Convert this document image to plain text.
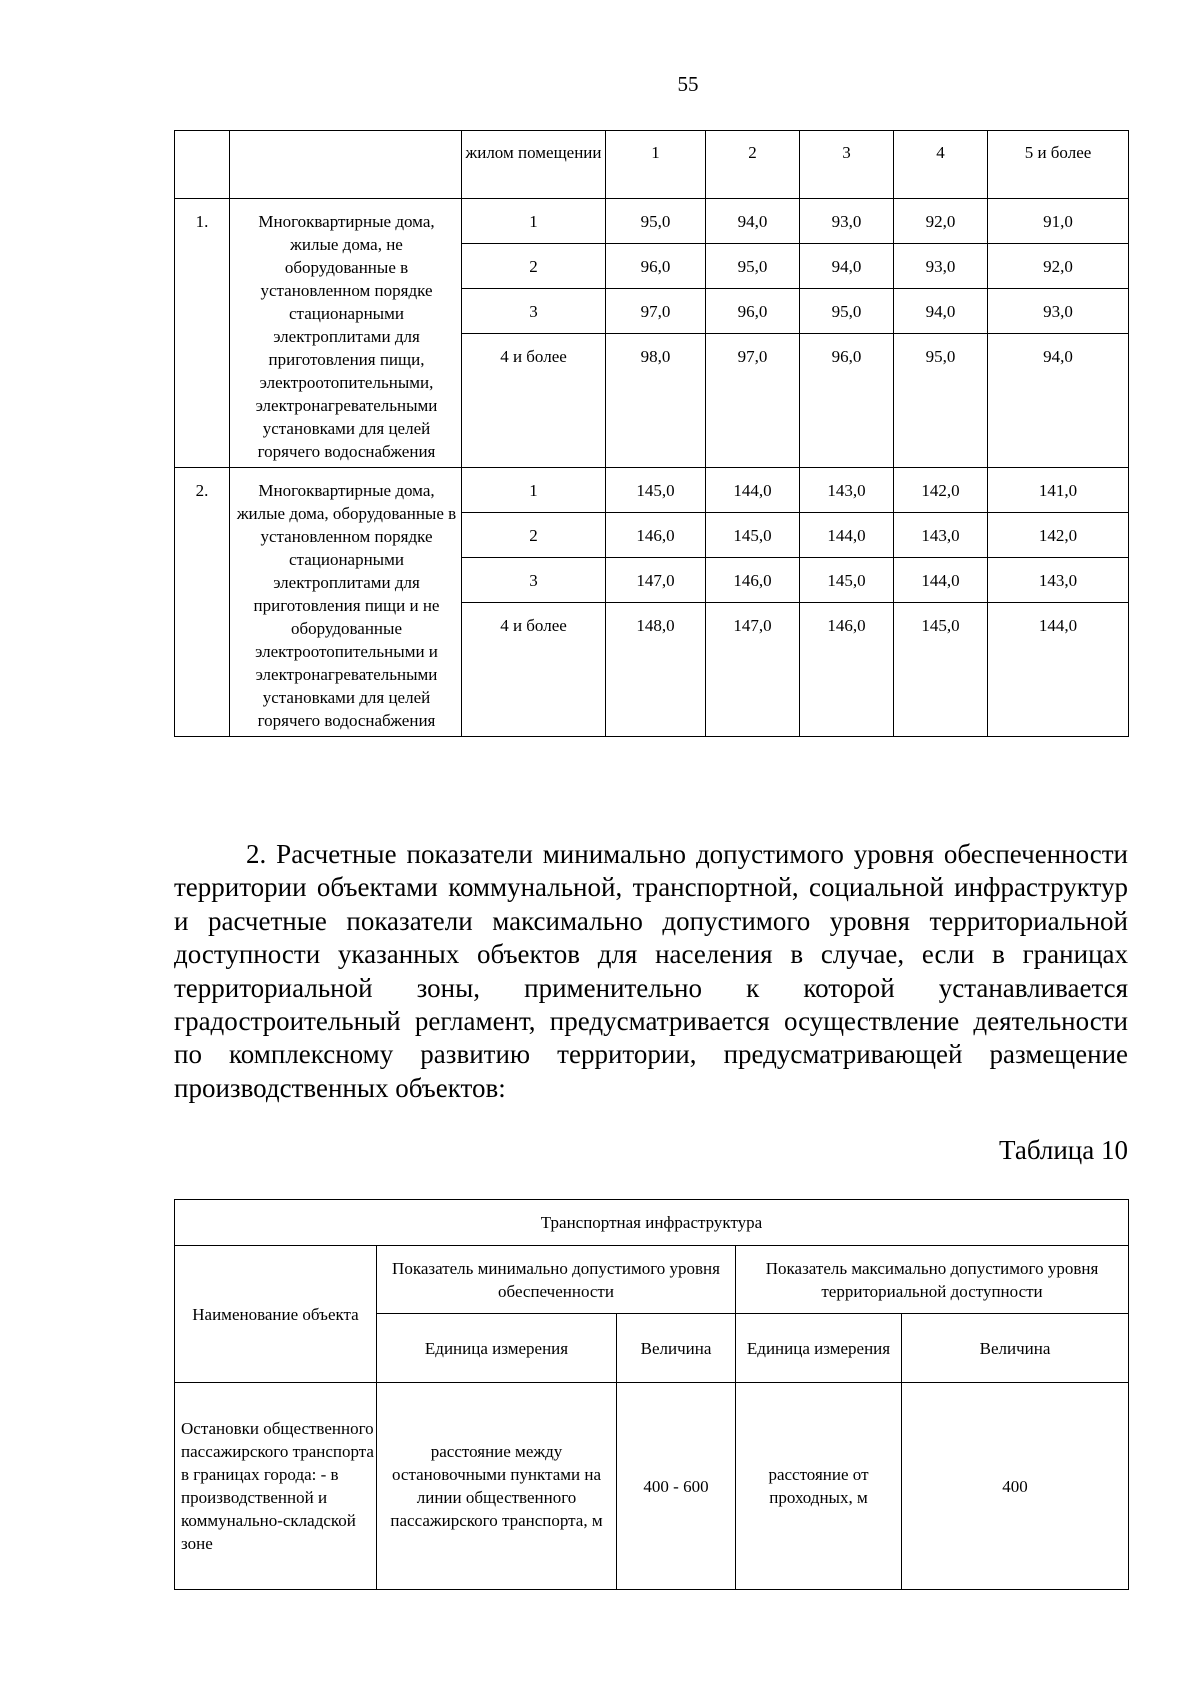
55
		жилом помещении	1	2	3	4	5 и более
1.	Многоквартирные дома, жилые дома, не оборудованные в установленном порядке стационарными электроплитами для приготовления пищи, электроотопительными, электронагревательными установками для целей горячего водоснабжения	1	95,0	94,0	93,0	92,0	91,0
		2	96,0	95,0	94,0	93,0	92,0
		3	97,0	96,0	95,0	94,0	93,0
		4 и более	98,0	97,0	96,0	95,0	94,0
2.	Многоквартирные дома, жилые дома, оборудованные в установленном порядке стационарными электроплитами для приготовления пищи и не оборудованные электроотопительными и электронагревательными установками для целей горячего водоснабжения	1	145,0	144,0	143,0	142,0	141,0
		2	146,0	145,0	144,0	143,0	142,0
		3	147,0	146,0	145,0	144,0	143,0
		4 и более	148,0	147,0	146,0	145,0	144,0

2. Расчетные показатели минимально допустимого уровня обеспеченности территории объектами коммунальной, транспортной, социальной инфраструктур и расчетные показатели максимально допустимого уровня территориальной доступности указанных объектов для населения в случае, если в границах территориальной зоны, применительно к которой устанавливается градостроительный регламент, предусматривается осуществление деятельности по комплексному развитию территории, предусматривающей размещение производственных объектов:

Таблица 10
Транспортная инфраструктура				
Наименование объекта	Показатель минимально допустимого уровня обеспеченности		Показатель максимально допустимого уровня территориальной доступности	
	Единица измерения	Величина	Единица измерения	Величина
Остановки общественного пассажирского транспорта в границах города: - в производственной и коммунально-складской зоне	расстояние между остановочными пунктами на линии общественного пассажирского транспорта, м	400 - 600	расстояние от проходных, м	400
